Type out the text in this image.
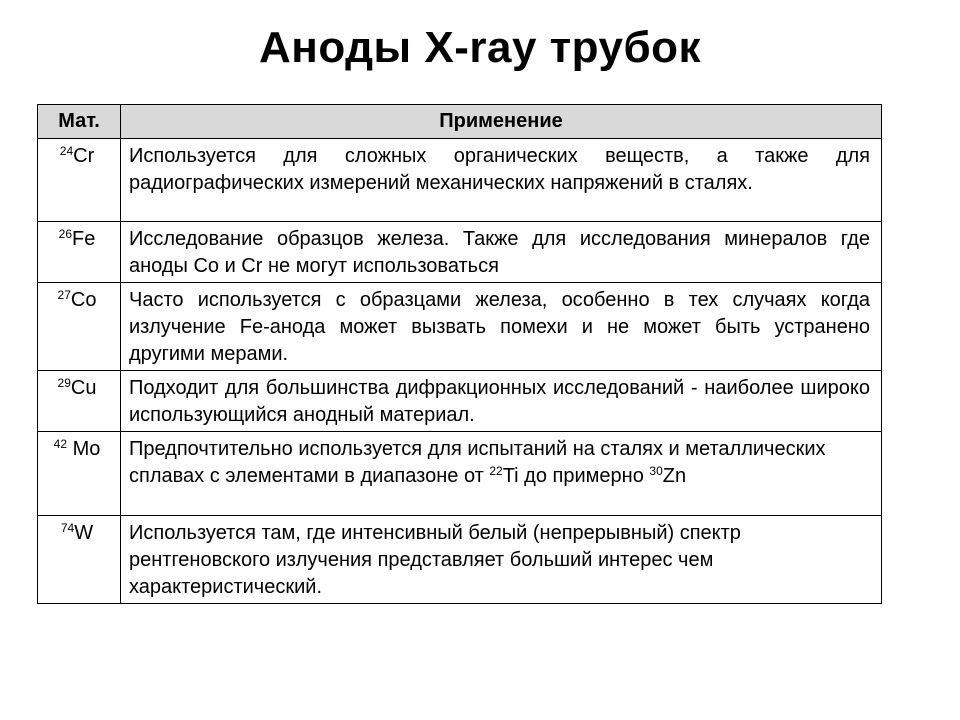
Аноды X-ray трубок
Мат.	Применение
$^{24}$Cr	Используется для сложных органических веществ, а также для радиографических измерений механических напряжений в сталях.
$^{26}$Fe	Исследование образцов железа. Также для исследования минералов где аноды Co и Cr не могут использоваться
$^{27}$Co	Часто используется с образцами железа, особенно в тех случаях когда излучение Fe-анода может вызвать помехи и не может быть устранено другими мерами.
$^{29}$Cu	Подходит для большинства дифракционных исследований - наиболее широко использующийся анодный материал.
$^{42}$ Mo	Предпочтительно используется для испытаний на сталях и металлических сплавах с элементами в диапазоне от $^{22}$Ti до примерно $^{30}$Zn
$^{74}$W	Используется там, где интенсивный белый (непрерывный) спектр рентгеновского излучения представляет больший интерес чем характеристический.
